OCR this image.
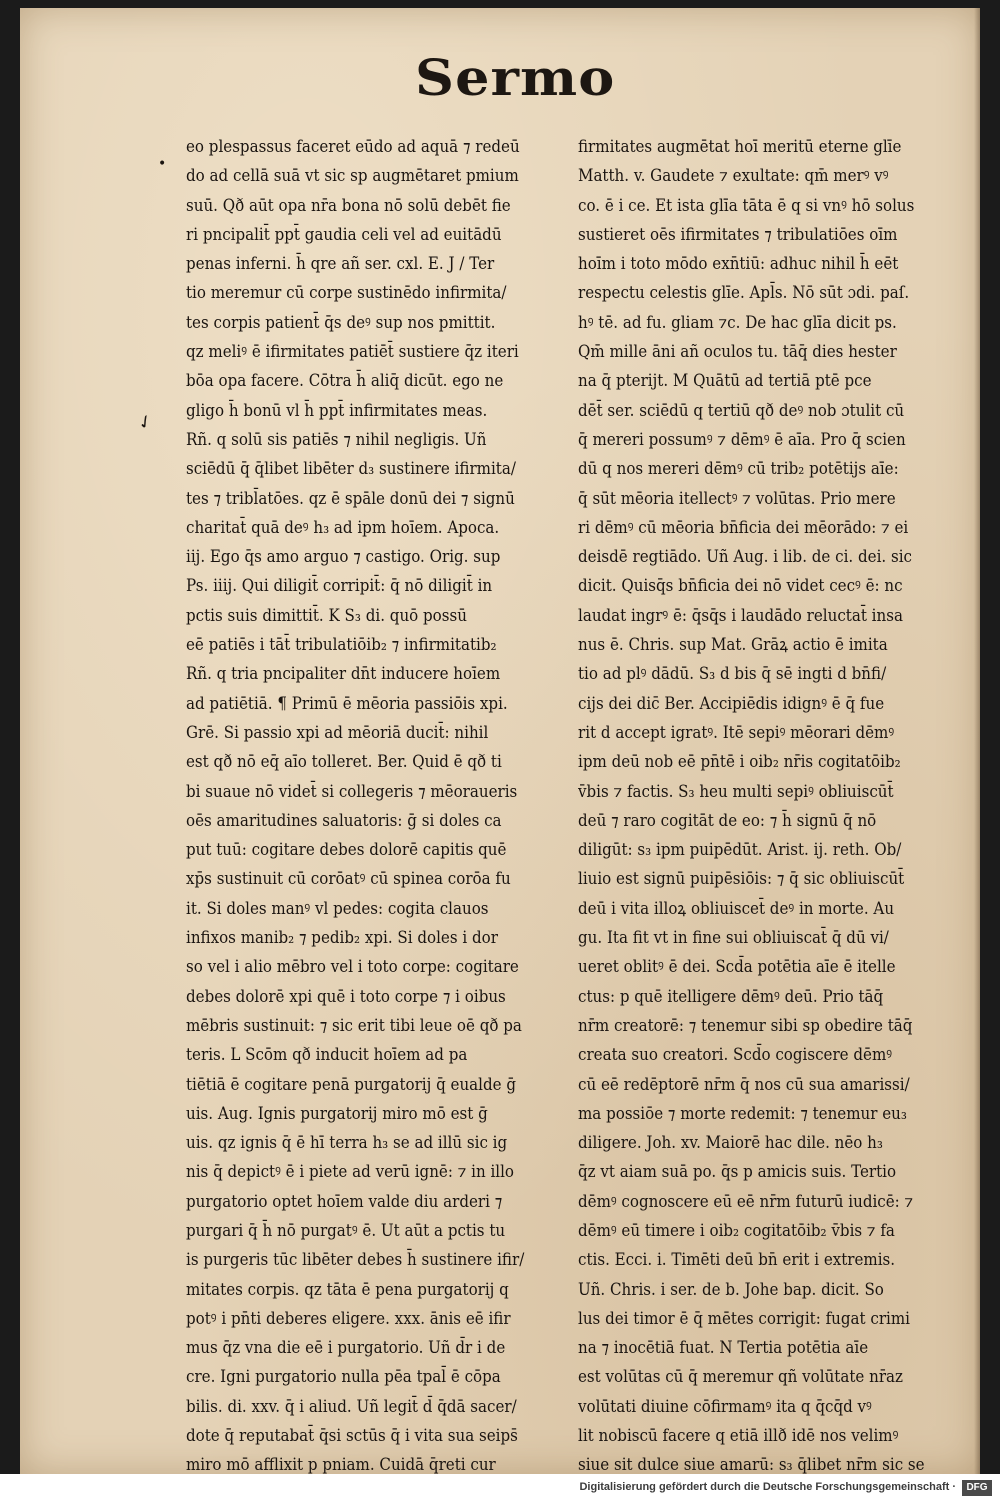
Sermo
•
✓
eo plespassus faceret eūdo ad aquā ⁊ redeū
do ad cellā suā vt sic sp augmētaret pmium
suū. Qð aūt opa nr̄a bona nō solū debēt fie
ri pncipalit̄ ppt̄ gaudia celi vel ad euitādū
penas inferni. h̄ qre añ ser. cxl. E. J / Ter
tio meremur cū corpe sustinēdo infirmita/
tes corpis patient̄ q̄s deꝰ sup nos pmittit.
qz meliꝰ ē ifirmitates patiēt̄ sustiere q̄z iteri
bōa opa facere. Cōtra h̄ aliq̄ dicūt. ego ne
gligo h̄ bonū vl h̄ ppt̄ infirmitates meas.
Rñ. q solū sis patiēs ⁊ nihil negligis. Uñ
sciēdū q̄ q̄libet libēter d₃ sustinere ifirmita/
tes ⁊ tribl̄atōes. qz ē spāle donū dei ⁊ signū
charitat̄ quā deꝰ h₃ ad ipm hoīem. Apoca.
iij. Ego q̄s amo arguo ⁊ castigo. Orig. sup
Ps. iiij. Qui diligit̄ corripit̄: q̄ nō diligit̄ in
pctis suis dimittit̄. K S₃ di. quō possū
eē patiēs i tāt̄ tribulatiōib₂ ⁊ infirmitatib₂
Rñ. q tria pncipaliter dn̄t inducere hoīem
ad patiētiā. ¶ Primū ē mēoria passiōis xpi.
Grē. Si passio xpi ad mēoriā ducit̄: nihil
est qð nō eq̄ aīo tolleret. Ber. Quid ē qð ti
bi suaue nō videt̄ si collegeris ⁊ mēoraueris
oēs amaritudines saluatoris: ḡ si doles ca
put tuū: cogitare debes dolorē capitis quē
xp̄s sustinuit cū corōatꝰ cū spinea corōa fu
it. Si doles manꝰ vl pedes: cogita clauos
infixos manib₂ ⁊ pedib₂ xpi. Si doles i dor
so vel i alio mēbro vel i toto corpe: cogitare
debes dolorē xpi quē i toto corpe ⁊ i oibus
mēbris sustinuit: ⁊ sic erit tibi leue oē qð pa
teris. L Scōm qð inducit hoīem ad pa
tiētiā ē cogitare penā purgatorij q̄ eualde ḡ
uis. Aug. Ignis purgatorij miro mō est ḡ
uis. qz ignis q̄ ē hī terra h₃ se ad illū sic ig
nis q̄ depictꝰ ē i piete ad verū ignē: ⁊ in illo
purgatorio optet hoīem valde diu arderi ⁊
purgari q̄ h̄ nō purgatꝰ ē. Ut aūt a pctis tu
is purgeris tūc libēter debes h̄ sustinere ifir/
mitates corpis. qz tāta ē pena purgatorij q
potꝰ i pn̄ti deberes eligere. xxx. ānis eē ifir
mus q̄z vna die eē i purgatorio. Uñ d̄r i de
cre. Igni purgatorio nulla pēa tpal̄ ē cōpa
bilis. di. xxv. q̄ i aliud. Uñ legit̄ d̄ q̄dā sacer/
dote q̄ reputabat̄ q̄si sctūs q̄ i vita sua seips̄
miro mō afflixit p pniam. Cuidā q̄reti cur
firmitates augmētat hoī meritū eterne glīe
Matth. v. Gaudete ⁊ exultate: qm̄ merꝰ vꝰ
co. ē i ce. Et ista glīa tāta ē q si vnꝰ hō solus
sustieret oēs ifirmitates ⁊ tribulatiōes oīm
hoīm i toto mōdo exn̄tiū: adhuc nihil h̄ eēt
respectu celestis glīe. Apl̄s. Nō sūt ɔdi. paſ.
hꝰ tē. ad fu. gliam ⁊c. De hac glīa dicit ps.
Qm̄ mille āni añ oculos tu. tāq̄ dies hester
na q̄ pterijt. M Quātū ad tertiā ptē pce
dēt̄ ser. sciēdū q tertiū qð deꝰ nob ɔtulit cū
q̄ mereri possumꝰ ⁊ dēmꝰ ē aīa. Pro q̄ scien
dū q nos mereri dēmꝰ cū trib₂ potētijs aīe:
q̄ sūt mēoria itellectꝰ ⁊ volūtas. Prio mere
ri dēmꝰ cū mēoria bn̄ficia dei mēorādo: ⁊ ei
deisdē regtiādo. Uñ Aug. i lib. de ci. dei. sic
dicit. Quisq̄s bn̄ficia dei nō videt cecꝰ ē: nc
laudat ingrꝰ ē: q̄sq̄s i laudādo reluctat̄ insa
nus ē. Chris. sup Mat. Grāꝝ actio ē imita
tio ad plꝰ dādū. S₃ d bis q̄ sē ingti d bn̄fi/
cijs dei dic̄ Ber. Accipiēdis idignꝰ ē q̄ fue
rit d accept igratꝰ. Itē sepiꝰ mēorari dēmꝰ
ipm deū nob eē pn̄tē i oib₂ nr̄is cogitatōib₂
v̄bis ⁊ factis. S₃ heu multi sepiꝰ obliuiscūt̄
deū ⁊ raro cogitāt de eo: ⁊ h̄ signū q̄ nō
diligūt: s₃ ipm puipēdūt. Arist. ij. reth. Ob/
liuio est signū puipēsiōis: ⁊ q̄ sic obliuiscūt̄
deū i vita illoꝝ obliuiscet̄ deꝰ in morte. Au
gu. Ita fit vt in fine sui obliuiscat̄ q̄ dū vi/
ueret oblitꝰ ē dei. Scd̄a potētia aīe ē itelle
ctus: p quē itelligere dēmꝰ deū. Prio tāq̄
nr̄m creatorē: ⁊ tenemur sibi sp obedire tāq̄
creata suo creatori. Scd̄o cogiscere dēmꝰ
cū eē redēptorē nr̄m q̄ nos cū sua amarissi/
ma possiōe ⁊ morte redemit: ⁊ tenemur eu₃
diligere. Joh. xv. Maiorē hac dile. nēo h₃
q̄z vt aiam suā po. q̄s p amicis suis. Tertio
dēmꝰ cognoscere eū eē nr̄m futurū iudicē: ⁊
dēmꝰ eū timere i oib₂ cogitatōib₂ v̄bis ⁊ fa
ctis. Ecci. i. Timēti deū bn̄ erit i extremis.
Uñ. Chris. i ser. de b. Johe bap. dicit. So
lus dei timor ē q̄ mētes corrigit: fugat crimi
na ⁊ inocētiā fuat. N Tertia potētia aīe
est volūtas cū q̄ meremur qñ volūtate nr̄az
volūtati diuine cōfirmamꝰ ita q q̄cq̄d vꝰ
lit nobiscū facere q etiā illð idē nos velimꝰ
siue sit dulce siue amarū: s₃ q̄libet nr̄m sic se
Digitalisierung gefördert durch die Deutsche Forschungsgemeinschaft ·	DFG
